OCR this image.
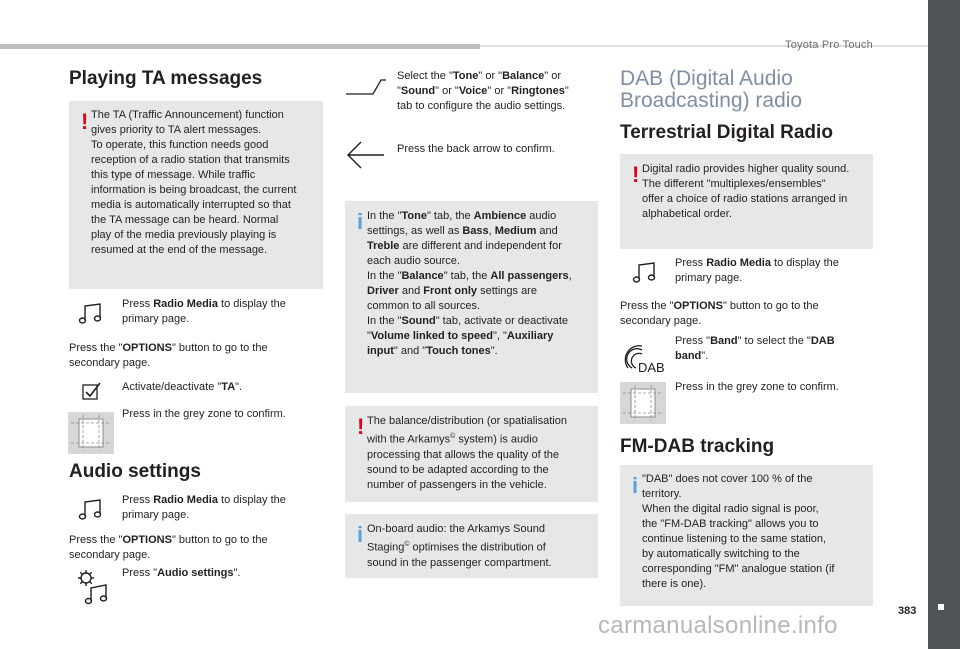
Toyota Pro Touch
383
carmanualsonline.info
Playing TA messages
! The TA (Traffic Announcement) function
gives priority to TA alert messages.
To operate, this function needs good
reception of a radio station that transmits
this type of message. While traffic
information is being broadcast, the current
media is automatically interrupted so that
the TA message can be heard. Normal
play of the media previously playing is
resumed at the end of the message.
Press Radio Media to display the
primary page.
Press the "OPTIONS" button to go to the
secondary page.
Activate/deactivate "TA".
Press in the grey zone to confirm.
Audio settings
Press Radio Media to display the
primary page.
Press the "OPTIONS" button to go to the
secondary page.
Press "Audio settings".
Select the "Tone" or "Balance" or
"Sound" or "Voice" or "Ringtones"
tab to configure the audio settings.
Press the back arrow to confirm.
i In the "Tone" tab, the Ambience audio
settings, as well as Bass, Medium and
Treble are different and independent for
each audio source.
In the "Balance" tab, the All passengers,
Driver and Front only settings are
common to all sources.
In the "Sound" tab, activate or deactivate
"Volume linked to speed", "Auxiliary
input" and "Touch tones".
! The balance/distribution (or spatialisation
with the Arkamys© system) is audio
processing that allows the quality of the
sound to be adapted according to the
number of passengers in the vehicle.
i On-board audio: the Arkamys Sound
Staging© optimises the distribution of
sound in the passenger compartment.
DAB (Digital Audio
Broadcasting) radio
Terrestrial Digital Radio
! Digital radio provides higher quality sound.
The different "multiplexes/ensembles"
offer a choice of radio stations arranged in
alphabetical order.
Press Radio Media to display the
primary page.
Press the "OPTIONS" button to go to the
secondary page.
DAB
Press "Band" to select the "DAB
band".
Press in the grey zone to confirm.
FM-DAB tracking
i "DAB" does not cover 100 % of the
territory.
When the digital radio signal is poor,
the "FM-DAB tracking" allows you to
continue listening to the same station,
by automatically switching to the
corresponding "FM" analogue station (if
there is one).
